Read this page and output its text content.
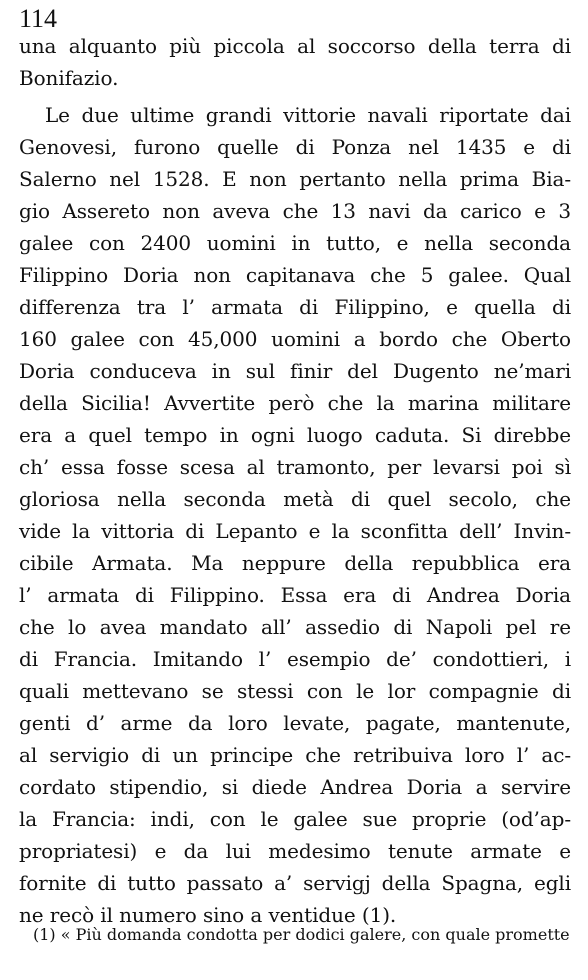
114
una alquanto più piccola al soccorso della terra di
Bonifazio.
Le due ultime grandi vittorie navali riportate dai
Genovesi, furono quelle di Ponza nel 1435 e di
Salerno nel 1528. E non pertanto nella prima Bia-
gio Assereto non aveva che 13 navi da carico e 3
galee con 2400 uomini in tutto, e nella seconda
Filippino Doria non capitanava che 5 galee. Qual
differenza tra l’ armata di Filippino, e quella di
160 galee con 45,000 uomini a bordo che Oberto
Doria conduceva in sul finir del Dugento ne’mari
della Sicilia! Avvertite però che la marina militare
era a quel tempo in ogni luogo caduta. Si direbbe
ch’ essa fosse scesa al tramonto, per levarsi poi sì
gloriosa nella seconda metà di quel secolo, che
vide la vittoria di Lepanto e la sconfitta dell’ Invin-
cibile Armata. Ma neppure della repubblica era
l’ armata di Filippino. Essa era di Andrea Doria
che lo avea mandato all’ assedio di Napoli pel re
di Francia. Imitando l’ esempio de’ condottieri, i
quali mettevano se stessi con le lor compagnie di
genti d’ arme da loro levate, pagate, mantenute,
al servigio di un principe che retribuiva loro l’ ac-
cordato stipendio, si diede Andrea Doria a servire
la Francia: indi, con le galee sue proprie (od’ap-
propriatesi) e da lui medesimo tenute armate e
fornite di tutto passato a’ servigj della Spagna, egli
ne recò il numero sino a ventidue (1).
(1) « Più domanda condotta per dodici galere, con quale promette
